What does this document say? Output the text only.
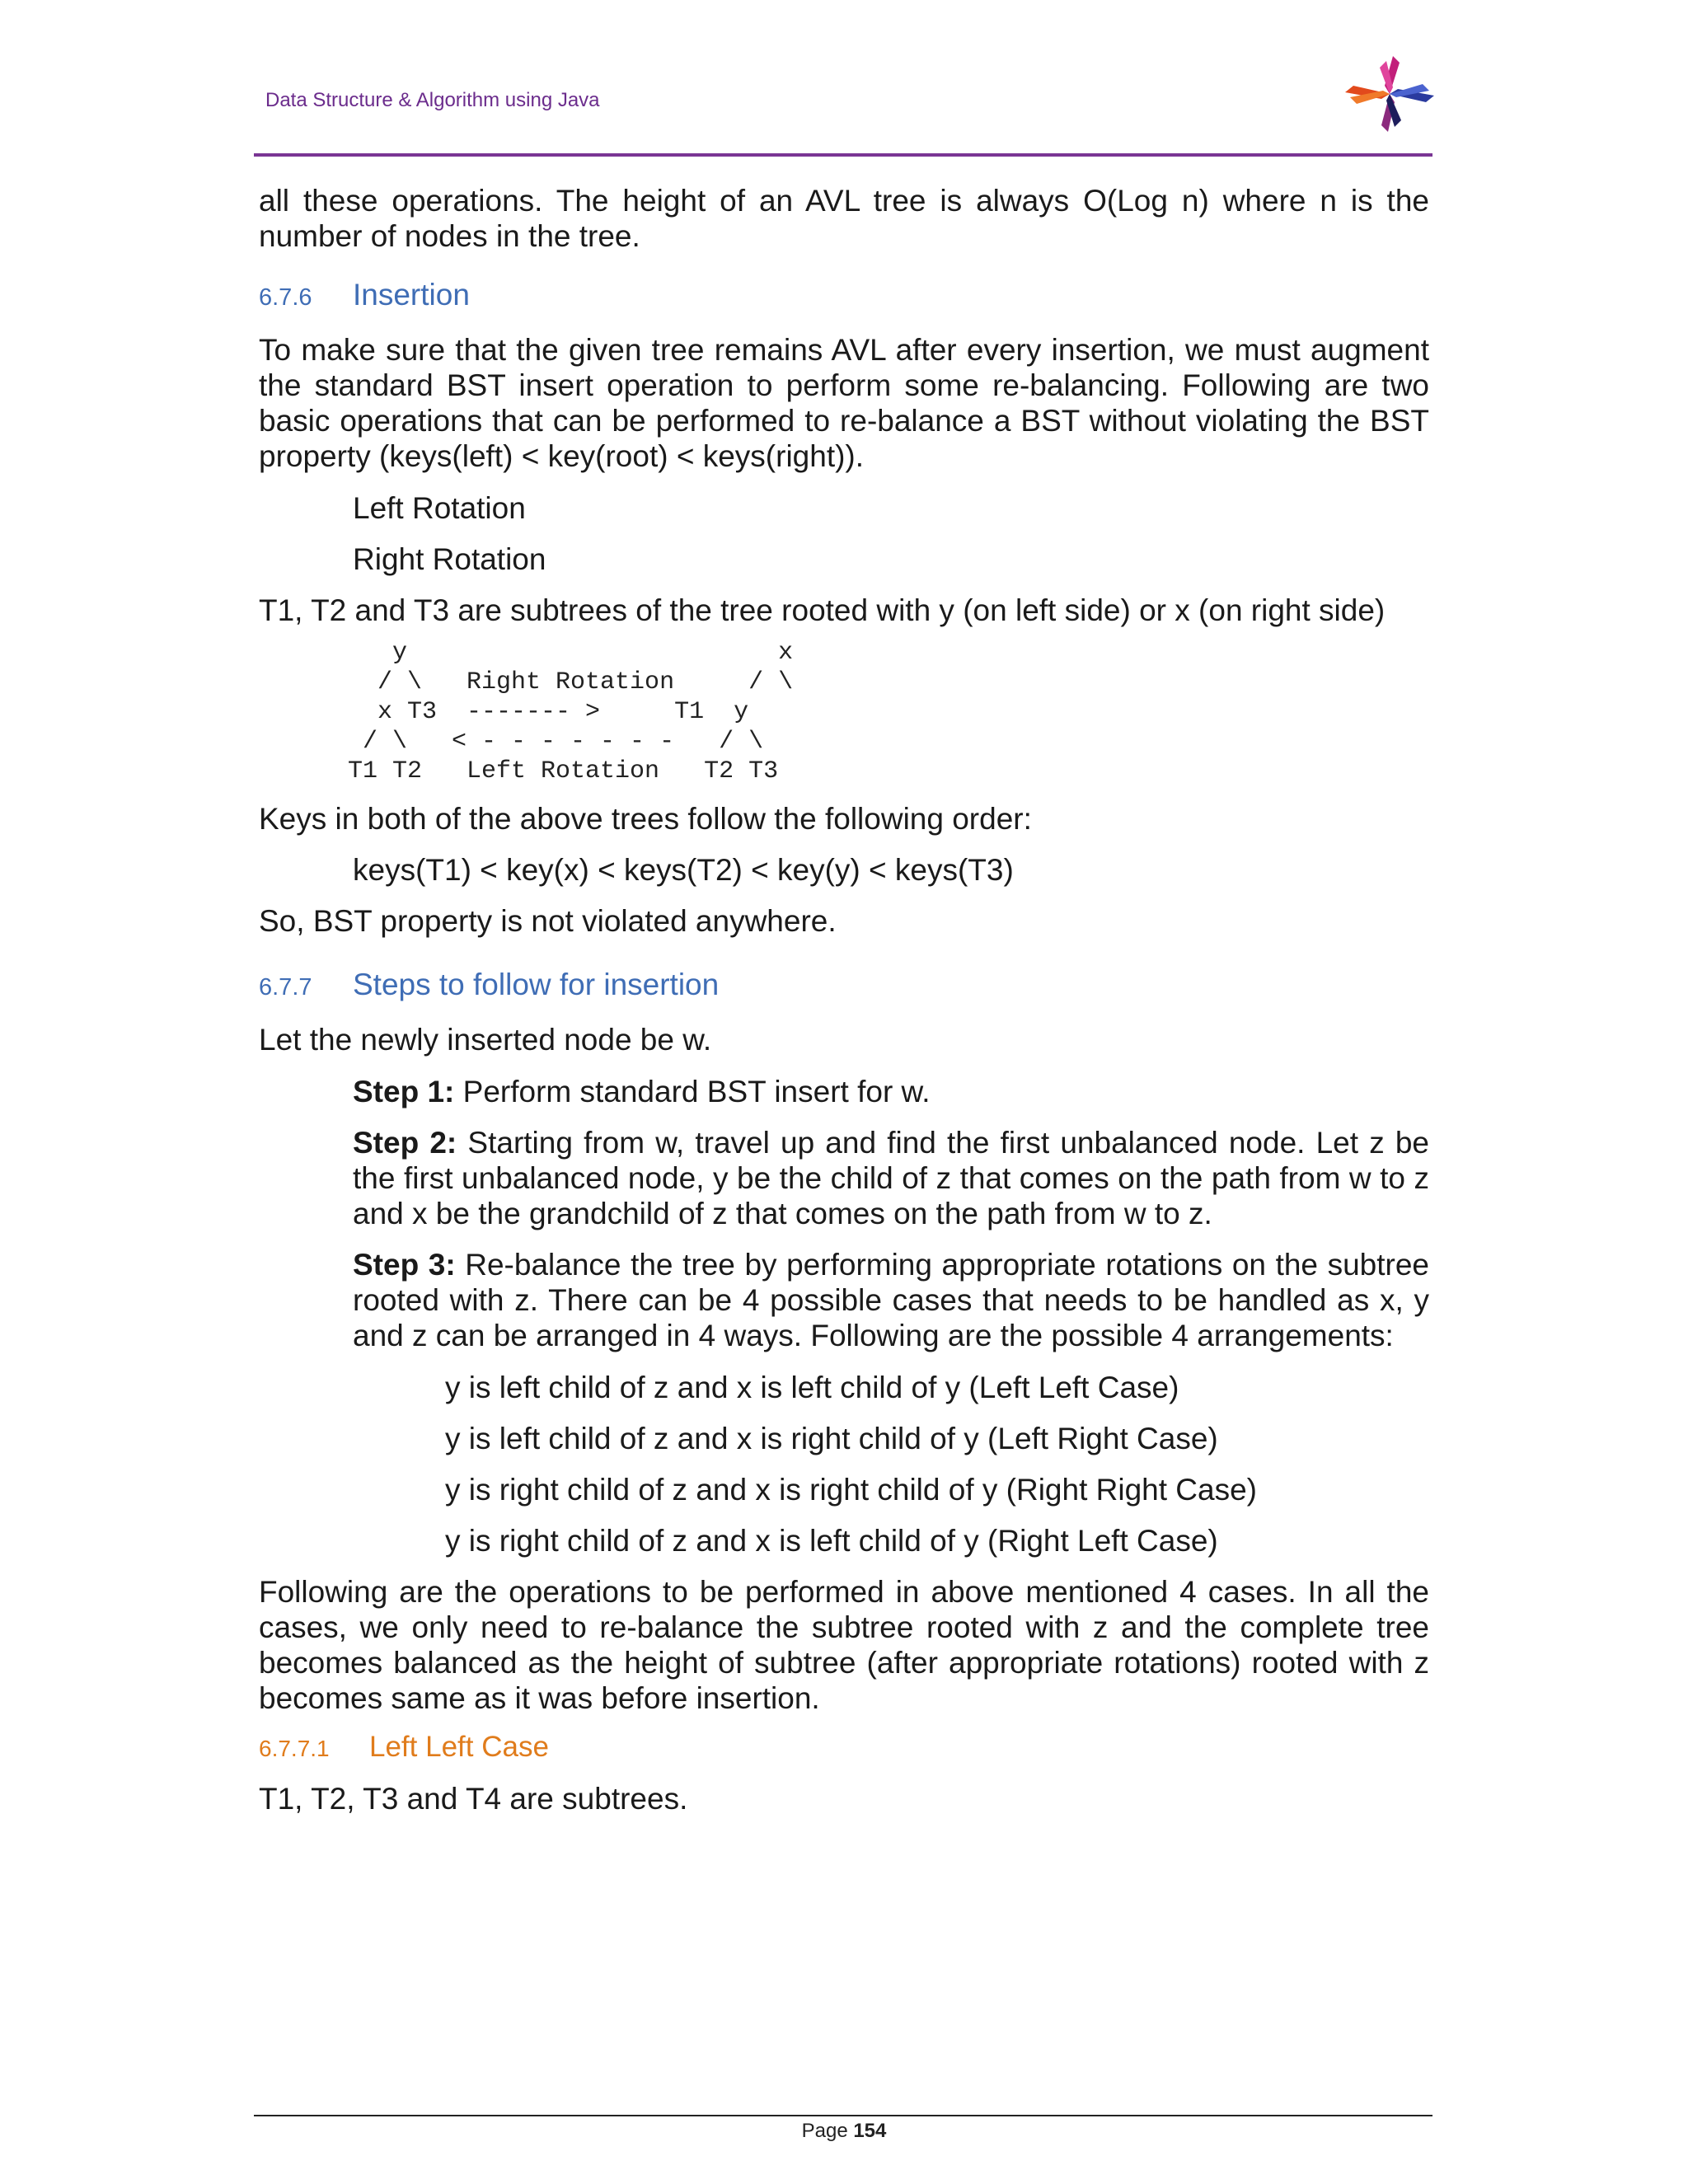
Data Structure & Algorithm using Java

all these operations. The height of an AVL tree is always O(Log n) where n is the number of nodes in the tree.

6.7.6	Insertion

To make sure that the given tree remains AVL after every insertion, we must augment the standard BST insert operation to perform some re-balancing. Following are two basic operations that can be performed to re-balance a BST without violating the BST property (keys(left) < key(root) < keys(right)).

Left Rotation

Right Rotation

T1, T2 and T3 are subtrees of the tree rooted with y (on left side) or x (on right side)

y                         x
/ \   Right Rotation     / \
x T3  ------- >     T1  y
/ \   < - - - - - - -   / \
T1 T2   Left Rotation   T2 T3

Keys in both of the above trees follow the following order:

keys(T1) < key(x) < keys(T2) < key(y) < keys(T3)

So, BST property is not violated anywhere.

6.7.7	Steps to follow for insertion

Let the newly inserted node be w.

Step 1: Perform standard BST insert for w.

Step 2: Starting from w, travel up and find the first unbalanced node. Let z be the first unbalanced node, y be the child of z that comes on the path from w to z and x be the grandchild of z that comes on the path from w to z.

Step 3: Re-balance the tree by performing appropriate rotations on the subtree rooted with z. There can be 4 possible cases that needs to be handled as x, y and z can be arranged in 4 ways. Following are the possible 4 arrangements:

y is left child of z and x is left child of y (Left Left Case)

y is left child of z and x is right child of y (Left Right Case)

y is right child of z and x is right child of y (Right Right Case)

y is right child of z and x is left child of y (Right Left Case)

Following are the operations to be performed in above mentioned 4 cases. In all the cases, we only need to re-balance the subtree rooted with z and the complete tree becomes balanced as the height of subtree (after appropriate rotations) rooted with z becomes same as it was before insertion.

6.7.7.1	Left Left Case

T1, T2, T3 and T4 are subtrees.

Page 154
